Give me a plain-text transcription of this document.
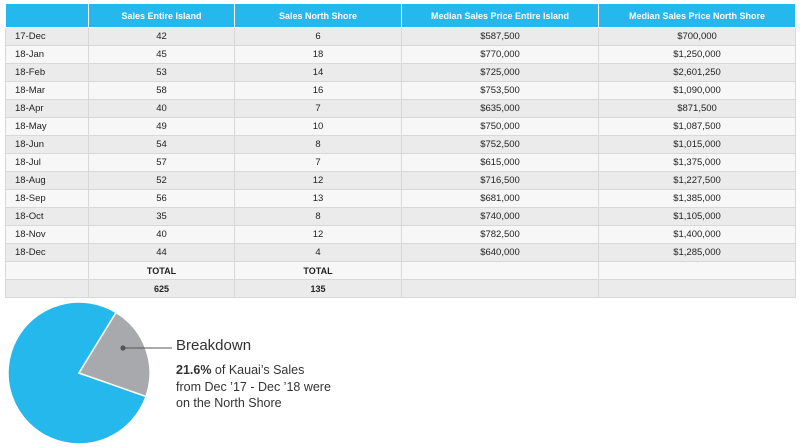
	Sales Entire Island	Sales North Shore	Median Sales Price Entire Island	Median Sales Price North Shore
17-Dec	42	6	$587,500	$700,000
18-Jan	45	18	$770,000	$1,250,000
18-Feb	53	14	$725,000	$2,601,250
18-Mar	58	16	$753,500	$1,090,000
18-Apr	40	7	$635,000	$871,500
18-May	49	10	$750,000	$1,087,500
18-Jun	54	8	$752,500	$1,015,000
18-Jul	57	7	$615,000	$1,375,000
18-Aug	52	12	$716,500	$1,227,500
18-Sep	56	13	$681,000	$1,385,000
18-Oct	35	8	$740,000	$1,105,000
18-Nov	40	12	$782,500	$1,400,000
18-Dec	44	4	$640,000	$1,285,000
	TOTAL	TOTAL		
	625	135		
Breakdown
21.6% of Kauai’s Sales
from Dec ’17 - Dec ’18 were
on the North Shore
